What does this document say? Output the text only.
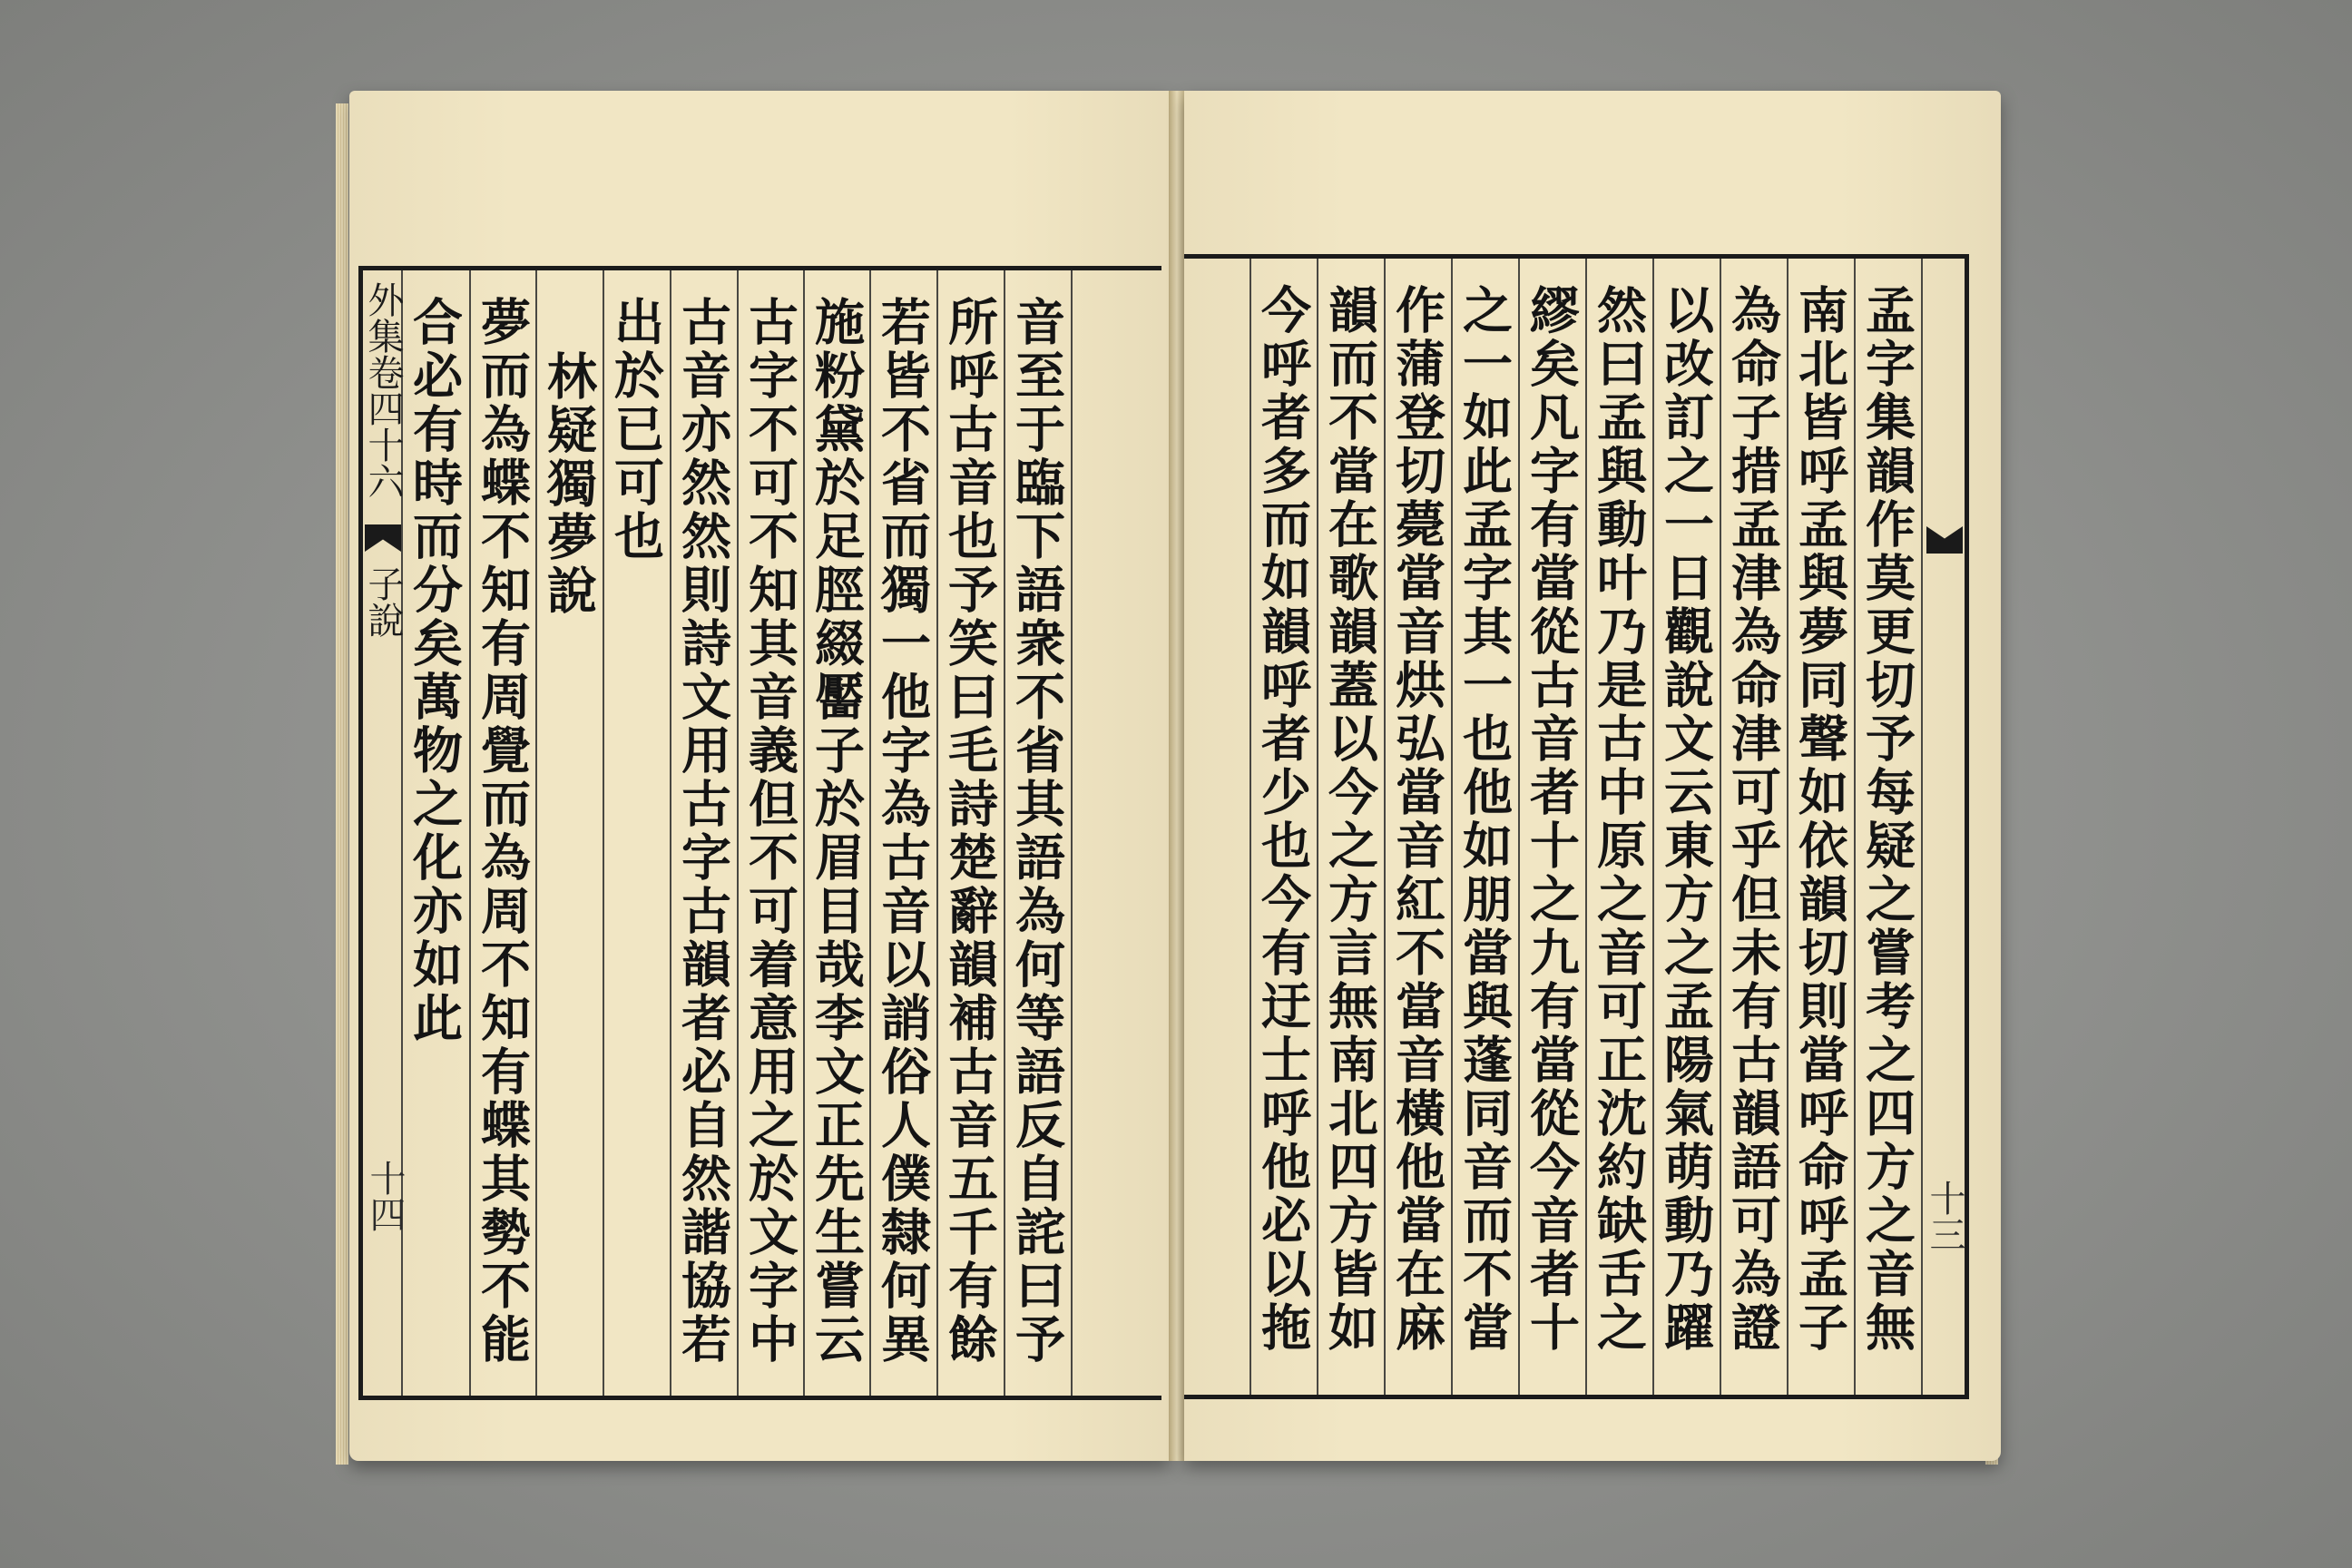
﻿
外集卷四十六
子說
十四
合必有時而分矣萬物之化亦如此 夢而為蝶不知有周覺而為周不知有蝶其勢不能 林疑獨夢說 出於已可也 古音亦然然則詩文用古字古韻者必自然諧協若 古字不可不知其音義但不可着意用之於文字中 施粉黛於足脛綴靨子於眉目哉李文正先生嘗云 若皆不省而獨一他字為古音以誚俗人僕隸何異 所呼古音也予笑曰毛詩楚辭韻補古音五千有餘 音至于臨下語衆不省其語為何等語反自詫曰予	孟字集韻作莫更切予每疑之嘗考之四方之音無
南北皆呼孟與夢同聲如依韻切則當呼命呼孟子
為命子措孟津為命津可乎但未有古韻語可為證
以改訂之一日觀說文云東方之孟陽氣萌動乃躍
然曰孟與動叶乃是古中原之音可正沈約缺舌之
繆矣凡字有當從古音者十之九有當從今音者十
之一如此孟字其一也他如朋當與蓬同音而不當
作蒲登切薨當音烘弘當音紅不當音橫他當在麻
韻而不當在歌韻蓋以今之方言無南北四方皆如
今呼者多而如韻呼者少也今有迂士呼他必以拖	十三
